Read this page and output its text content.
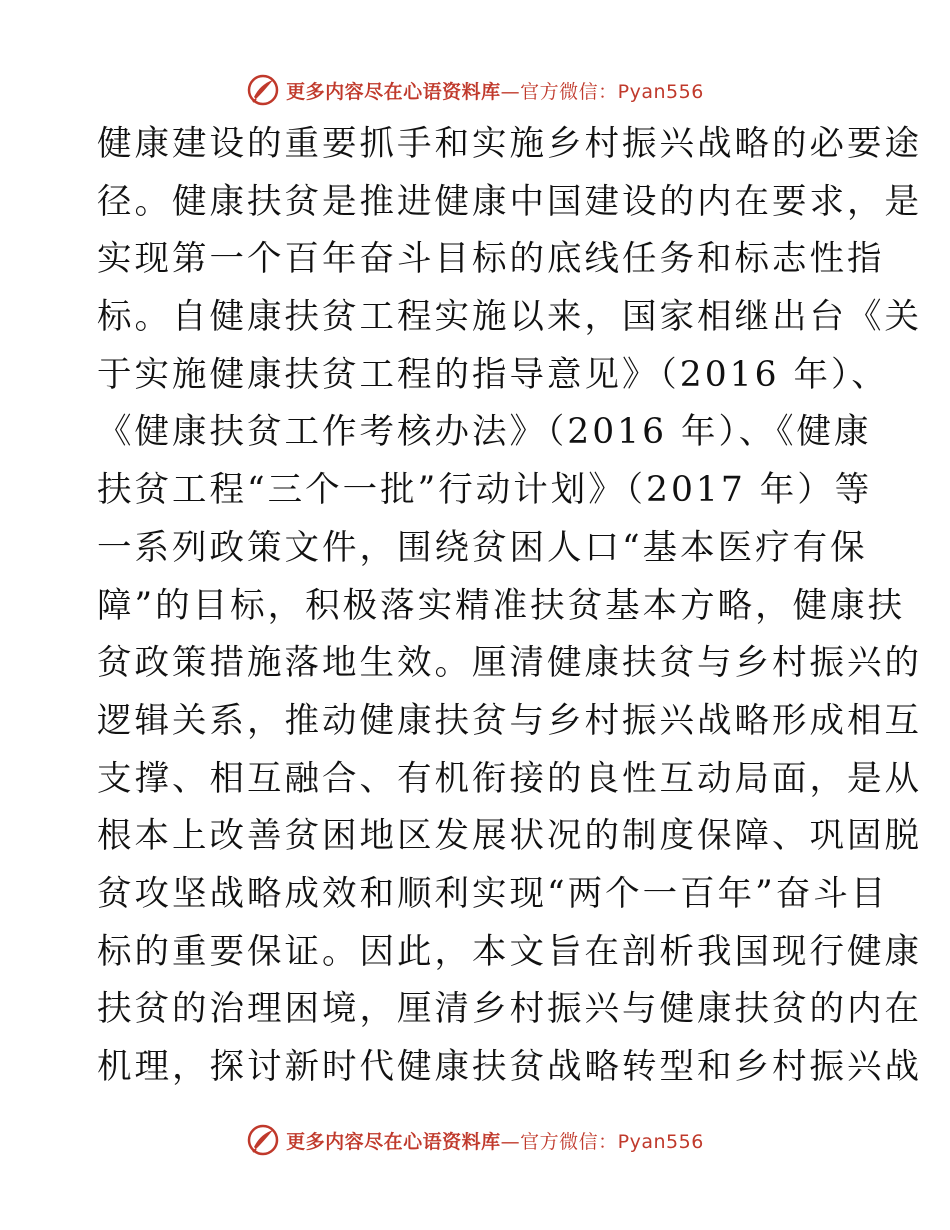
更多内容尽在心语资料库—官方微信：Pyan556
健康建设的重要抓手和实施乡村振兴战略的必要途
径。健康扶贫是推进健康中国建设的内在要求，是
实现第一个百年奋斗目标的底线任务和标志性指
标。自健康扶贫工程实施以来，国家相继出台《关
于实施健康扶贫工程的指导意见》（2016 年）、
《健康扶贫工作考核办法》（2016 年）、《健康
扶贫工程“三个一批”行动计划》（2017 年）等
一系列政策文件，围绕贫困人口“基本医疗有保
障”的目标，积极落实精准扶贫基本方略，健康扶
贫政策措施落地生效。厘清健康扶贫与乡村振兴的
逻辑关系，推动健康扶贫与乡村振兴战略形成相互
支撑、相互融合、有机衔接的良性互动局面，是从
根本上改善贫困地区发展状况的制度保障、巩固脱
贫攻坚战略成效和顺利实现“两个一百年”奋斗目
标的重要保证。因此，本文旨在剖析我国现行健康
扶贫的治理困境，厘清乡村振兴与健康扶贫的内在
机理，探讨新时代健康扶贫战略转型和乡村振兴战
更多内容尽在心语资料库—官方微信：Pyan556
